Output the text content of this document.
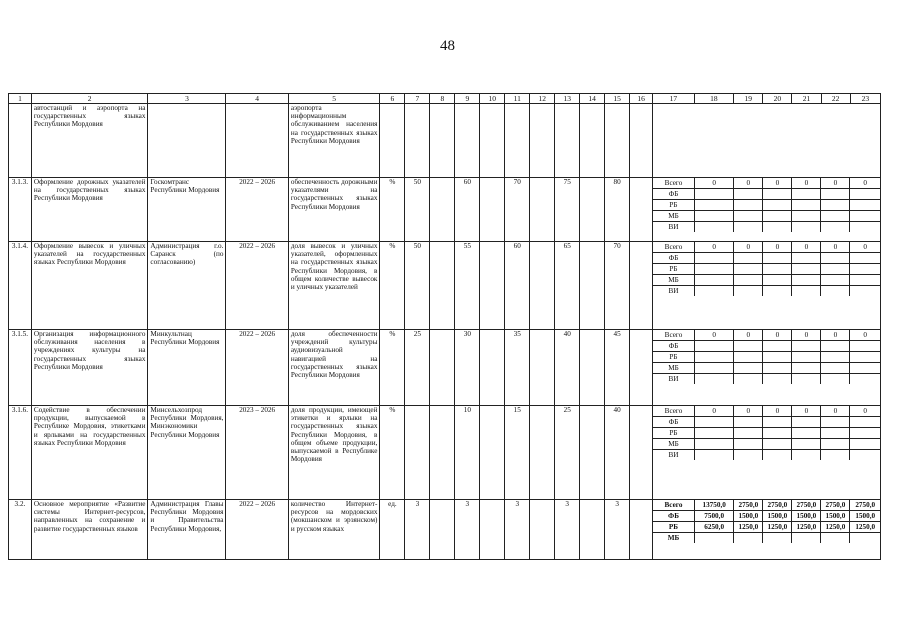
48
1	2	3	4	5	6	7	8	9	10	11	12	13	14	15	16	17	18	19	20	21	22	23
	автостанций и аэропорта на государственных языках Республики Мордовия			аэропорта информационным обслуживанием населения на государственных языках Республики Мордовия												
3.1.3.	Оформление дорожных указателей на государственных языках Республики Мордовия	Госкомтранс Республики Мордовия	2022 – 2026	обеспеченность дорожными указателями на государственных языках Республики Мордовия	%	50		60		70		75		80			Всего	0	0	0	0	0	0
ФБ						
РБ						
МБ						
ВИ						

3.1.4.	Оформление вывесок и уличных указателей на государственных языках Республики Мордовия	Администрация г.о. Саранск (по согласованию)	2022 – 2026	доля вывесок и уличных указателей, оформленных на государственных языках Республики Мордовия, в общем количестве вывесок и уличных указателей	%	50		55		60		65		70			Всего	0	0	0	0	0	0
ФБ						
РБ						
МБ						
ВИ						

3.1.5.	Организация информационного обслуживания населения в учреждениях культуры на государственных языках Республики Мордовия	Минкультнац Республики Мордовия	2022 – 2026	доля обеспеченности учреждений культуры аудиовизуальной навигацией на государственных языках Республики Мордовия	%	25		30		35		40		45			Всего	0	0	0	0	0	0
ФБ						
РБ						
МБ						
ВИ						

3.1.6.	Содействие в обеспечении продукции, выпускаемой в Республике Мордовия, этикетками и ярлыками на государственных языках Республики Мордовия	Минсельхозпрод Республики Мордовия, Минэкономики Республики Мордовия	2023 – 2026	доля продукции, имеющей этикетки и ярлыки на государственных языках Республики Мордовия, в общем объеме продукции, выпускаемой в Республике Мордовия	%			10		15		25		40			Всего	0	0	0	0	0	0
ФБ						
РБ						
МБ						
ВИ						

3.2.	Основное мероприятие «Развитие системы Интернет-ресурсов, направленных на сохранение и развитие государственных языков	Администрация Главы Республики Мордовия и Правительства Республики Мордовия,	2022 – 2026	количество Интернет-ресурсов на мордовских (мокшанском и эрзянском) и русском языках	ед.	3		3		3		3		3			Всего	13750,0	2750,0	2750,0	2750,0	2750,0	2750,0
ФБ	7500,0	1500,0	1500,0	1500,0	1500,0	1500,0
РБ	6250,0	1250,0	1250,0	1250,0	1250,0	1250,0
МБ						
